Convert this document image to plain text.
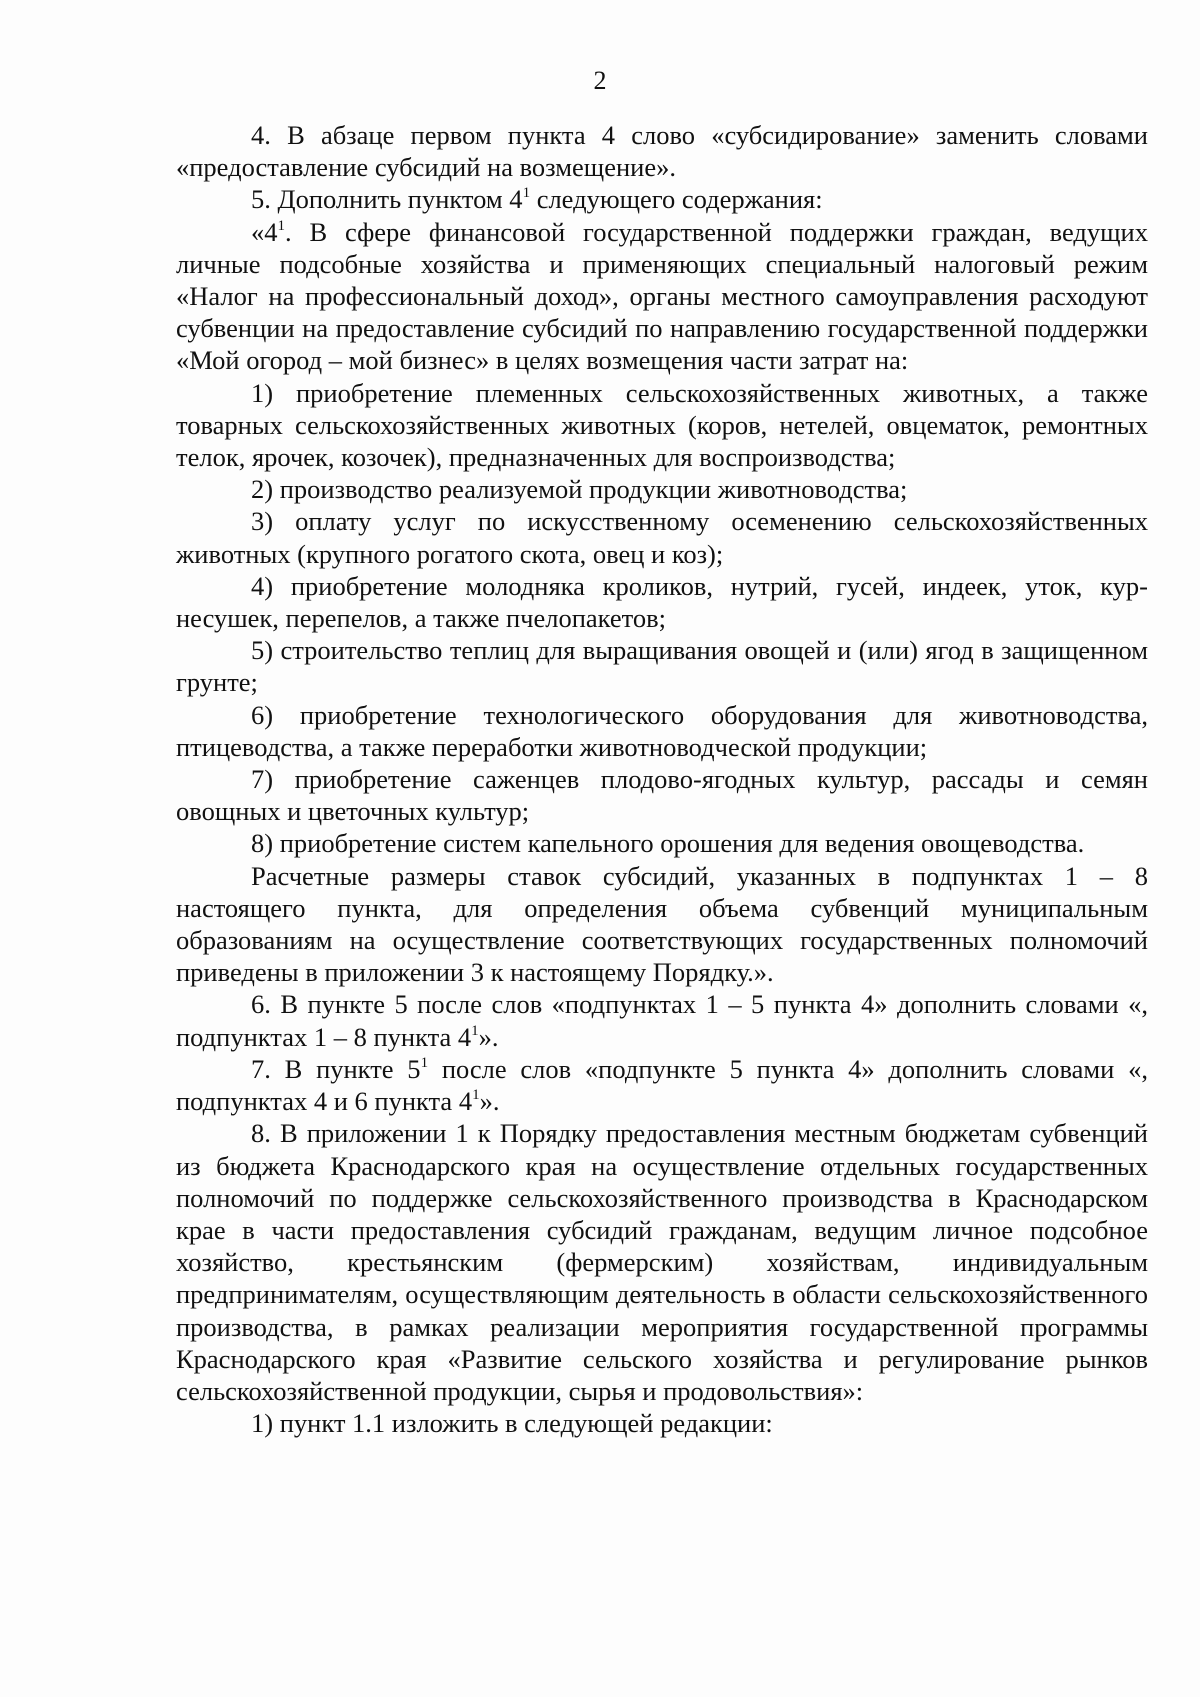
2

4. В абзаце первом пункта 4 слово «субсидирование» заменить словами «предоставление субсидий на возмещение».

5. Дополнить пунктом $4^1$ следующего содержания:

«$4^1$. В сфере финансовой государственной поддержки граждан, ведущих личные подсобные хозяйства и применяющих специальный налоговый режим «Налог на профессиональный доход», органы местного самоуправления расходуют субвенции на предоставление субсидий по направлению государственной поддержки «Мой огород – мой бизнес» в целях возмещения части затрат на:

1) приобретение племенных сельскохозяйственных животных, а также товарных сельскохозяйственных животных (коров, нетелей, овцематок, ремонтных телок, ярочек, козочек), предназначенных для воспроизводства;

2) производство реализуемой продукции животноводства;

3) оплату услуг по искусственному осеменению сельскохозяйственных животных (крупного рогатого скота, овец и коз);

4) приобретение молодняка кроликов, нутрий, гусей, индеек, уток, кур-несушек, перепелов, а также пчелопакетов;

5) строительство теплиц для выращивания овощей и (или) ягод в защищенном грунте;

6) приобретение технологического оборудования для животноводства, птицеводства, а также переработки животноводческой продукции;

7) приобретение саженцев плодово-ягодных культур, рассады и семян овощных и цветочных культур;

8) приобретение систем капельного орошения для ведения овощеводства.

Расчетные размеры ставок субсидий, указанных в подпунктах 1 – 8 настоящего пункта, для определения объема субвенций муниципальным образованиям на осуществление соответствующих государственных полномочий приведены в приложении 3 к настоящему Порядку.».

6. В пункте 5 после слов «подпунктах 1 – 5 пункта 4» дополнить словами «, подпунктах 1 – 8 пункта $4^1$».

7. В пункте $5^1$ после слов «подпункте 5 пункта 4» дополнить словами «, подпунктах 4 и 6 пункта $4^1$».

8. В приложении 1 к Порядку предоставления местным бюджетам субвенций из бюджета Краснодарского края на осуществление отдельных государственных полномочий по поддержке сельскохозяйственного производства в Краснодарском крае в части предоставления субсидий гражданам, ведущим личное подсобное хозяйство, крестьянским (фермерским) хозяйствам, индивидуальным предпринимателям, осуществляющим деятельность в области сельскохозяйственного производства, в рамках реализации мероприятия государственной программы Краснодарского края «Развитие сельского хозяйства и регулирование рынков сельскохозяйственной продукции, сырья и продовольствия»:

1) пункт 1.1 изложить в следующей редакции:
